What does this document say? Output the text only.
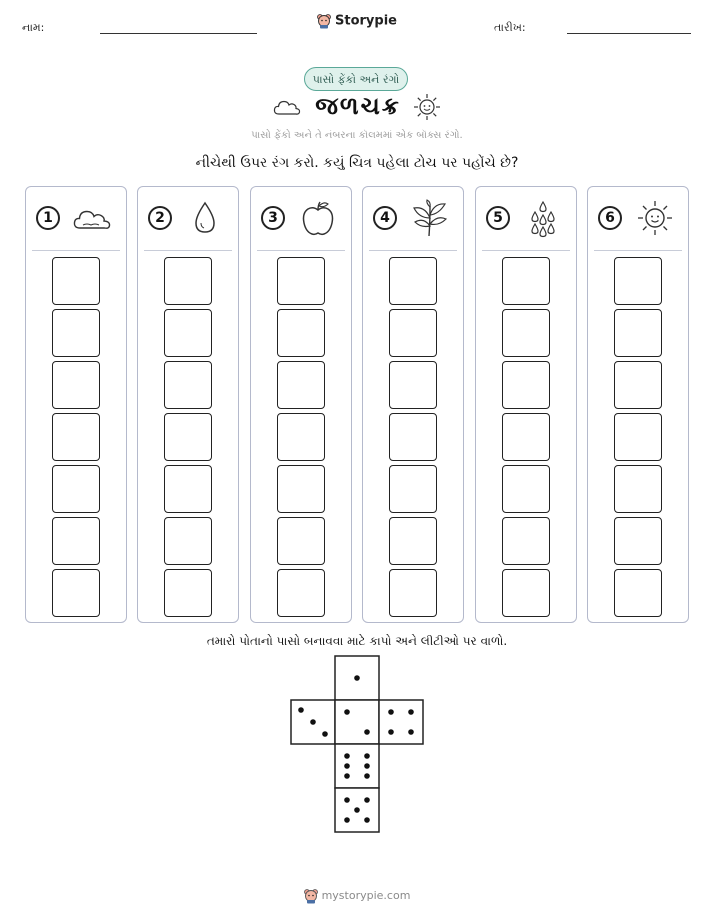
નામ:	Storypie	તારીખ:
પાસો ફેંકો અને રંગો
જળચક્ર
પાસો ફેંકો અને તે નંબરના કૉલમમાં એક બૉક્સ રંગો.
નીચેથી ઉપર રંગ કરો. કયું ચિત્ર પહેલા ટોચ પર પહોંચે છે?
1	2	3	4	5	6
તમારો પોતાનો પાસો બનાવવા માટે કાપો અને લીટીઓ પર વાળો.
mystorypie.com
